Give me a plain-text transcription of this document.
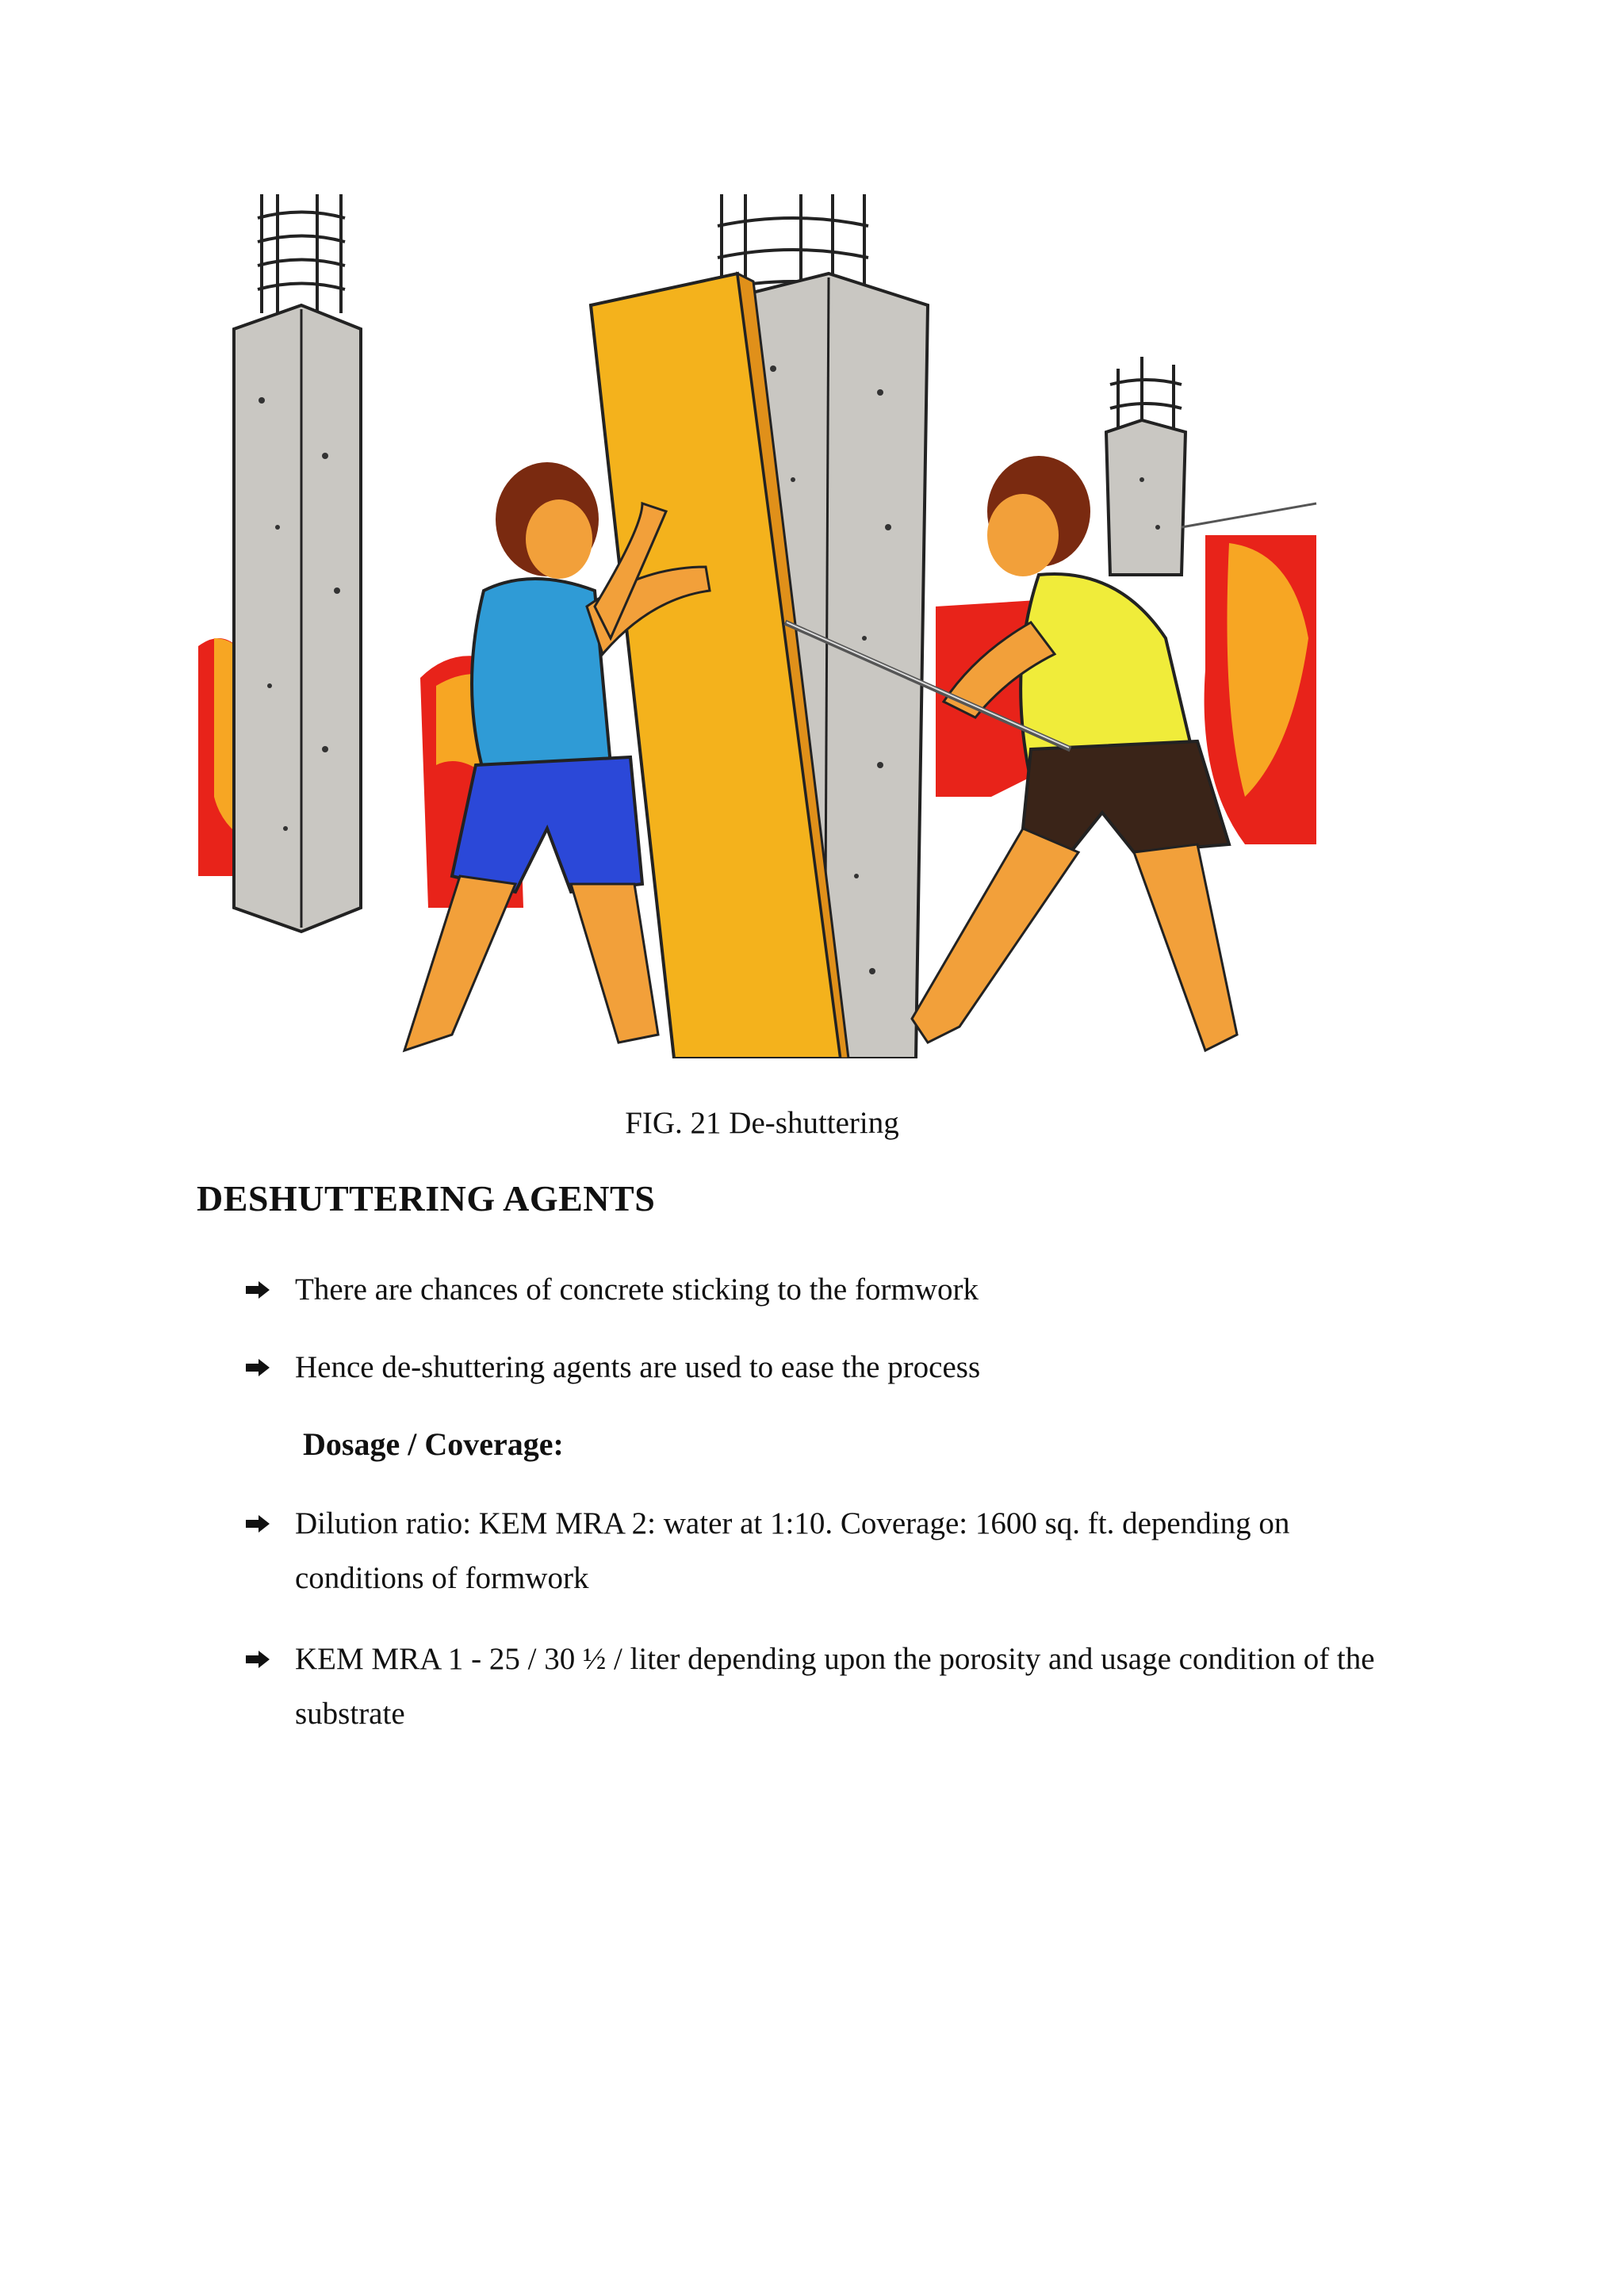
FIG. 21 De-shuttering
DESHUTTERING AGENTS
There are chances of concrete sticking to the formwork
Hence de-shuttering agents are used to ease the process
Dosage / Coverage:
Dilution ratio: KEM MRA 2: water at 1:10. Coverage: 1600 sq. ft. depending on conditions of formwork
KEM MRA 1 - 25 / 30 ½ / liter depending upon the porosity and usage condition of the substrate
